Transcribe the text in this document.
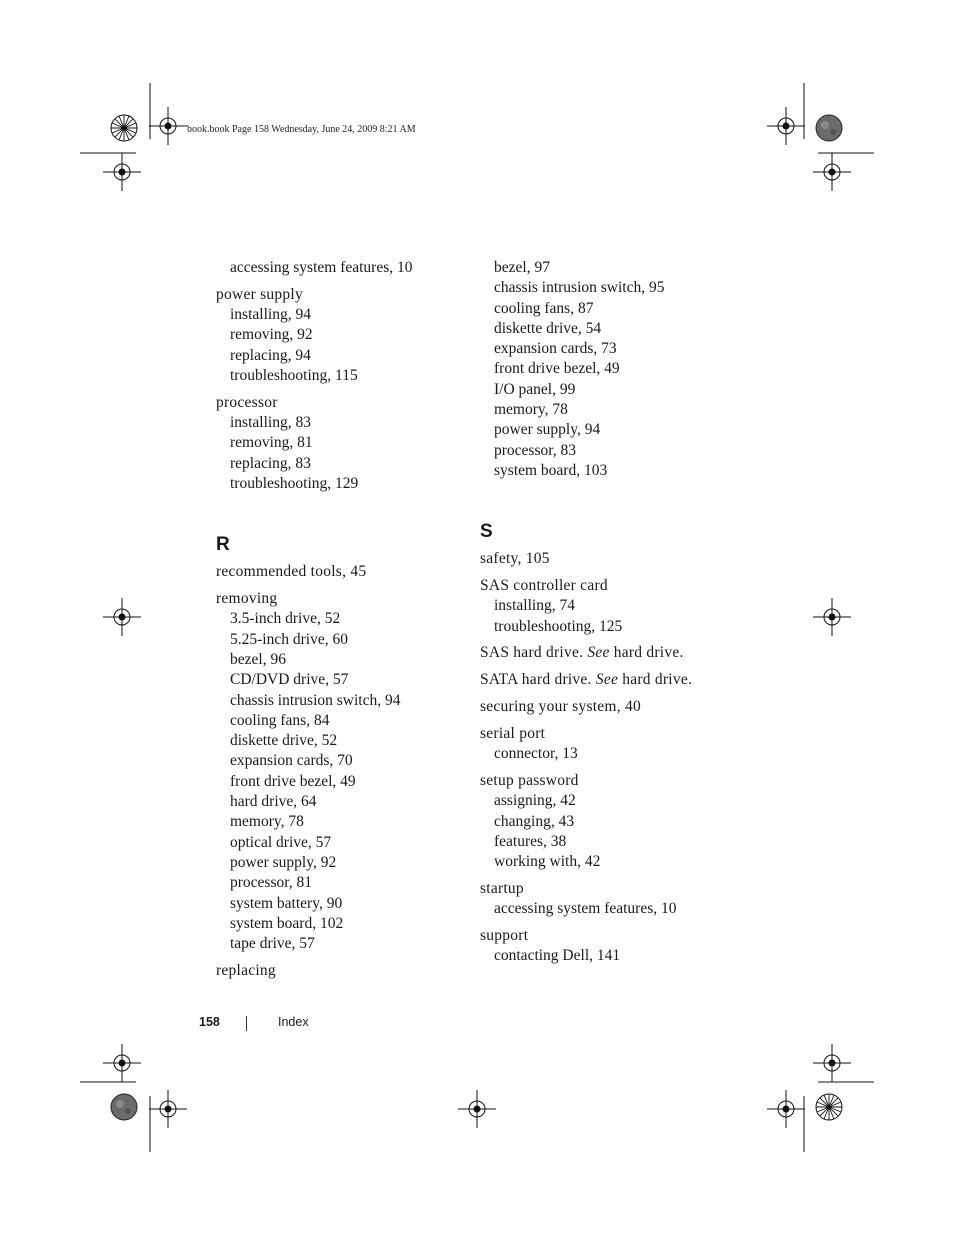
book.book Page 158 Wednesday, June 24, 2009 8:21 AM
accessing system features, 10
power supply
installing, 94
removing, 92
replacing, 94
troubleshooting, 115
processor
installing, 83
removing, 81
replacing, 83
troubleshooting, 129
R
recommended tools, 45
removing
3.5-inch drive, 52
5.25-inch drive, 60
bezel, 96
CD/DVD drive, 57
chassis intrusion switch, 94
cooling fans, 84
diskette drive, 52
expansion cards, 70
front drive bezel, 49
hard drive, 64
memory, 78
optical drive, 57
power supply, 92
processor, 81
system battery, 90
system board, 102
tape drive, 57
replacing
bezel, 97
chassis intrusion switch, 95
cooling fans, 87
diskette drive, 54
expansion cards, 73
front drive bezel, 49
I/O panel, 99
memory, 78
power supply, 94
processor, 83
system board, 103
S
safety, 105
SAS controller card
installing, 74
troubleshooting, 125
SAS hard drive. See hard drive.
SATA hard drive. See hard drive.
securing your system, 40
serial port
connector, 13
setup password
assigning, 42
changing, 43
features, 38
working with, 42
startup
accessing system features, 10
support
contacting Dell, 141
158	Index
